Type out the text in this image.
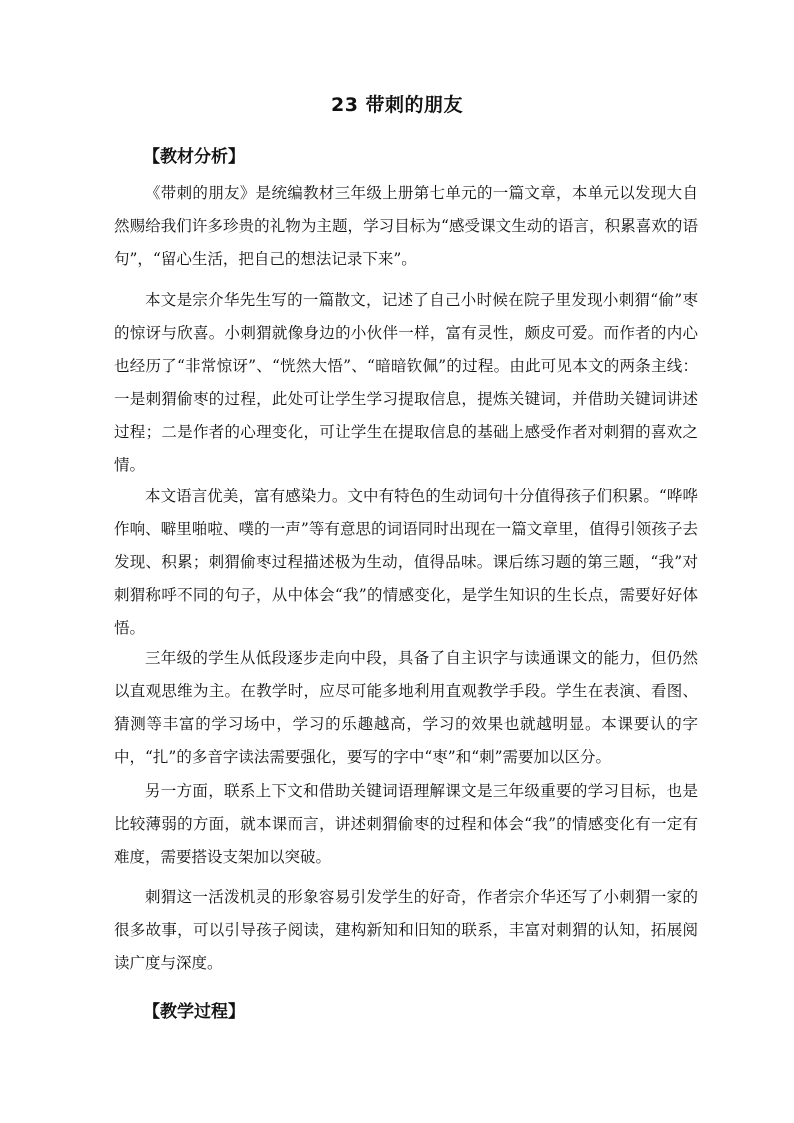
23 带刺的朋友
【教材分析】

《带刺的朋友》是统编教材三年级上册第七单元的一篇文章，本单元以发现大自然赐给我们许多珍贵的礼物为主题，学习目标为“感受课文生动的语言，积累喜欢的语句”，“留心生活，把自己的想法记录下来”。

本文是宗介华先生写的一篇散文，记述了自己小时候在院子里发现小刺猬“偷”枣的惊讶与欣喜。小刺猬就像身边的小伙伴一样，富有灵性，颇皮可爱。而作者的内心也经历了“非常惊讶”、“恍然大悟”、“暗暗钦佩”的过程。由此可见本文的两条主线：一是刺猬偷枣的过程，此处可让学生学习提取信息，提炼关键词，并借助关键词讲述过程；二是作者的心理变化，可让学生在提取信息的基础上感受作者对刺猬的喜欢之情。

本文语言优美，富有感染力。文中有特色的生动词句十分值得孩子们积累。“哗哗作响、噼里啪啦、噗的一声”等有意思的词语同时出现在一篇文章里，值得引领孩子去发现、积累；刺猬偷枣过程描述极为生动，值得品味。课后练习题的第三题，“我”对刺猬称呼不同的句子，从中体会“我”的情感变化，是学生知识的生长点，需要好好体悟。

三年级的学生从低段逐步走向中段，具备了自主识字与读通课文的能力，但仍然以直观思维为主。在教学时，应尽可能多地利用直观教学手段。学生在表演、看图、猜测等丰富的学习场中，学习的乐趣越高，学习的效果也就越明显。本课要认的字中，“扎”的多音字读法需要强化，要写的字中“枣”和“刺”需要加以区分。

另一方面，联系上下文和借助关键词语理解课文是三年级重要的学习目标，也是比较薄弱的方面，就本课而言，讲述刺猬偷枣的过程和体会“我”的情感变化有一定有难度，需要搭设支架加以突破。

刺猬这一活泼机灵的形象容易引发学生的好奇，作者宗介华还写了小刺猬一家的很多故事，可以引导孩子阅读，建构新知和旧知的联系，丰富对刺猬的认知，拓展阅读广度与深度。

【教学过程】
